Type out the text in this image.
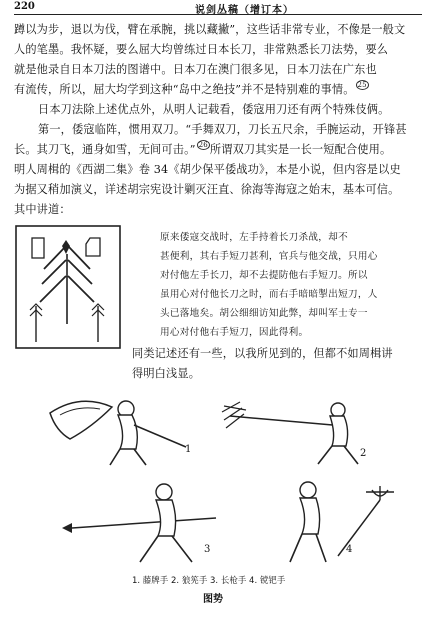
220	说剑丛稿（增订本）
蹲以为步，退以为伐，臂在承腕，挑以藏撇”，这些话非常专业，不像是一般文
人的笔墨。我怀疑，要么屈大均曾练过日本长刀，非常熟悉长刀法势，要么
就是他录自日本刀法的图谱中。日本刀在澳门很多见，日本刀法在广东也
有流传，所以，屈大均学到这种“岛中之绝技”并不是特别难的事情。 $^{25}$
日本刀法除上述优点外，从明人记载看，倭寇用刀还有两个特殊伎俩。
第一，倭寇临阵，惯用双刀。“手舞双刀，刀长五尺余，手腕运动，开锋甚
长。其刀飞，通身如雪，无间可击。” $^{26}$ 所谓双刀其实是一长一短配合使用。
明人周楫的《西湖二集》卷 34《胡少保平倭战功》，本是小说，但内容是以史
为据又稍加演义，详述胡宗宪设计剿灭汪直、徐海等海寇之始末，基本可信。
其中讲道：
原来倭寇交战时，左手持着长刀杀战，却不
甚便利，其右手短刀甚利，官兵与他交战，只用心
对付他左手长刀，却不去提防他右手短刀。所以
虽用心对付他长刀之时，而右手暗暗掣出短刀，人
头已落地矣。胡公细细访知此弊，却叫军士专一
用心对付他右手短刀，因此得利。
同类记述还有一些，以我所见到的，但都不如周楫讲
得明白浅显。
1	2
3	4
1. 藤牌手 2. 狼筅手 3. 长枪手 4. 镋钯手
图势
